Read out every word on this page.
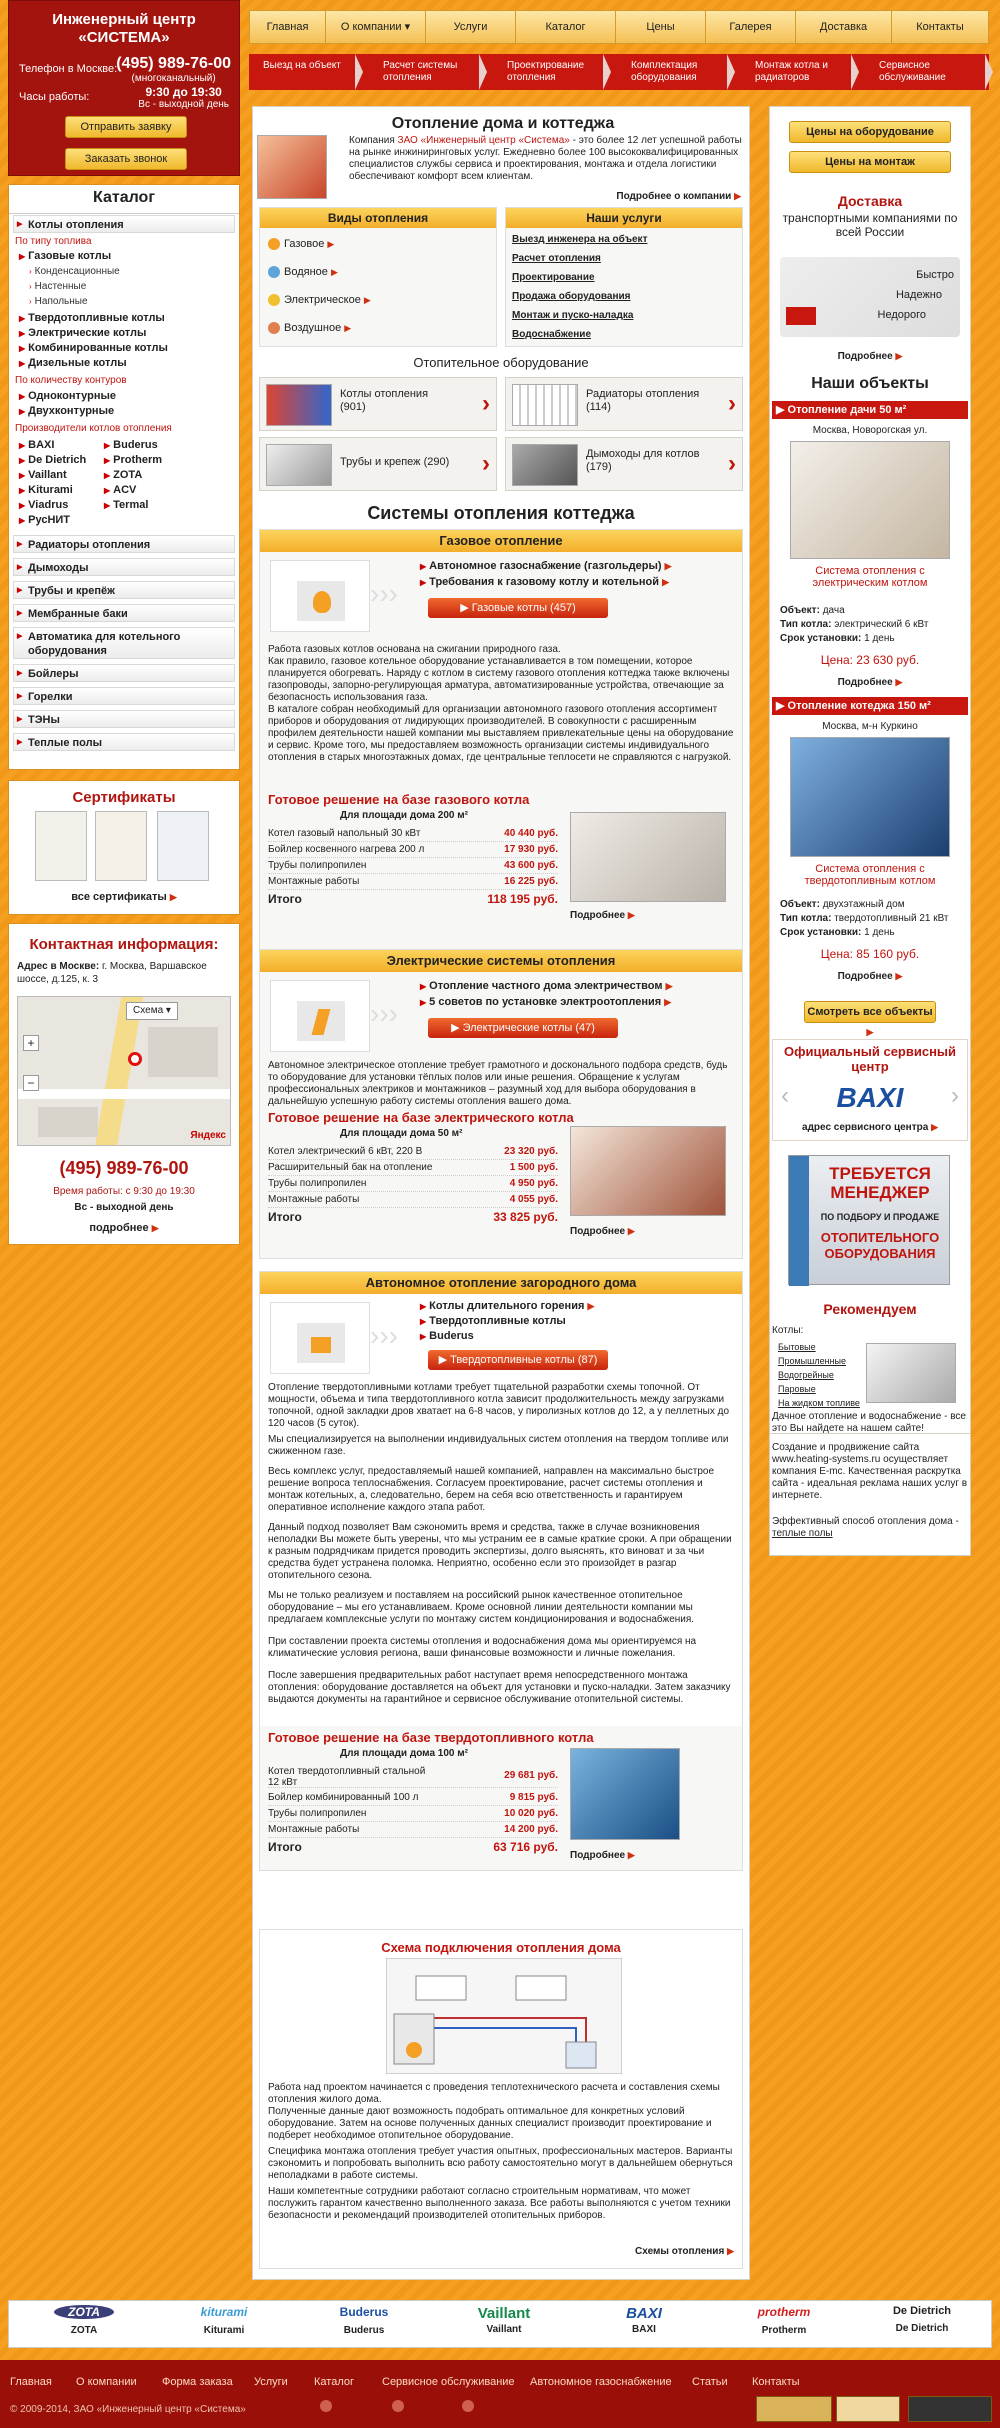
Инженерный центр
«СИСТЕМА»
Телефон в Москве: (495) 989-76-00
(многоканальный)
Часы работы:	9:30 до 19:30
Вс - выходной день
Отправить заявку
Заказать звонок
Каталог
▶ Котлы отопления
По типу топлива
▶ Газовые котлы
› Конденсационные
› Настенные
› Напольные
▶ Твердотопливные котлы
▶ Электрические котлы
▶ Комбинированные котлы
▶ Дизельные котлы
По количеству контуров
▶ Одноконтурные
▶ Двухконтурные
Производители котлов отопления
▶ BAXI
▶ De Dietrich
▶ Vaillant
▶ Kiturami
▶ Viadrus
▶ РусНИТ
▶ Buderus
▶ Protherm
▶ ZOTA
▶ ACV
▶ Termal
▶ Радиаторы отопления
▶ Дымоходы
▶ Трубы и крепёж
▶ Мембранные баки
▶ Автоматика для котельного оборудования
▶ Бойлеры
▶ Горелки
▶ ТЭНы
▶ Теплые полы
Сертификаты
все сертификаты ▶
Контактная информация:
Адрес в Москве: г. Москва, Варшавское шоссе, д.125, к. 3
Схема ▾
+
−
Яндекс
(495) 989-76-00
Время работы: с 9:30 до 19:30
Вс - выходной день
подробнее ▶
Главная	О компании ▾	Услуги	Каталог	Цены	Галерея	Доставка	Контакты
Выезд на объект	Расчет системы отопления
Проектирование отопления
Комплектация оборудования
Монтаж котла и радиаторов
Сервисное обслуживание
Отопление дома и коттеджа
Компания ЗАО «Инженерный центр «Система» - это более 12 лет успешной работы на рынке инжиниринговых услуг. Ежедневно более 100 высококвалифицированных специалистов службы сервиса и проектирования, монтажа и отдела логистики обеспечивают комфорт всем клиентам.
Подробнее о компании ▶
Виды отопления
Газовое ▶
Водяное ▶
Электрическое ▶
Воздушное ▶
Наши услуги
Выезд инженера на объект
Расчет отопления
Проектирование
Продажа оборудования
Монтаж и пуско-наладка
Водоснабжение
Отопительное оборудование
Котлы отопления
(901)	›	Радиаторы отопления
(114)	›
Трубы и крепеж (290) ›	Дымоходы для котлов
(179)	›
Системы отопления коттеджа
Газовое отопление
›››
▶ Автономное газоснабжение (газгольдеры) ▶
▶ Требования к газовому котлу и котельной ▶
▶ Газовые котлы (457)
Работа газовых котлов основана на сжигании природного газа.
Как правило, газовое котельное оборудование устанавливается в том помещении, которое планируется обогревать. Наряду с котлом в систему газового отопления коттеджа также включены газопроводы, запорно-регулирующая арматура, автоматизированные устройства, отвечающие за безопасность использования газа.
В каталоге собран необходимый для организации автономного газового отопления ассортимент приборов и оборудования от лидирующих производителей. В совокупности с расширенным профилем деятельности нашей компании мы выставляем привлекательные цены на оборудование и сервис. Кроме того, мы предоставляем возможность организации системы индивидуального отопления в старых многоэтажных домах, где центральные теплосети не справляются с нагрузкой.
Готовое решение на базе газового котла
Для площади дома 200 м²
Котел газовый напольный 30 кВт	40 440 руб.
Бойлер косвенного нагрева 200 л	17 930 руб.
Трубы полипропилен	43 600 руб.
Монтажные работы	16 225 руб.
Итого	118 195 руб.
Подробнее ▶
Электрические системы отопления
›››
▶ Отопление частного дома электричеством ▶
▶ 5 советов по установке электроотопления ▶
▶ Электрические котлы (47)
Автономное электрическое отопление требует грамотного и досконального подбора средств, будь то оборудование для установки тёплых полов или иные решения. Обращение к услугам профессиональных электриков и монтажников – разумный ход для выбора оборудования в дальнейшую успешную работу системы отопления вашего дома.
Готовое решение на базе электрического котла
Для площади дома 50 м²
Котел электрический 6 кВт, 220 В	23 320 руб.
Расширительный бак на отопление	1 500 руб.
Трубы полипропилен	4 950 руб.
Монтажные работы	4 055 руб.
Итого	33 825 руб.
Подробнее ▶
Автономное отопление загородного дома
›››
▶ Котлы длительного горения ▶
▶ Твердотопливные котлы
▶ Buderus
▶ Твердотопливные котлы (87)
Отопление твердотопливными котлами требует тщательной разработки схемы топочной. От мощности, объема и типа твердотопливного котла зависит продолжительность между загрузками топочной, одной закладки дров хватает на 6-8 часов, у пиролизных котлов до 12, а у пеллетных до 120 часов (5 суток).
Мы специализируется на выполнении индивидуальных систем отопления на твердом топливе или сжиженном газе.
Весь комплекс услуг, предоставляемый нашей компанией, направлен на максимально быстрое решение вопроса теплоснабжения. Согласуем проектирование, расчет системы отопления и монтаж котельных, а, следовательно, берем на себя всю ответственность и гарантируем оперативное исполнение каждого этапа работ.
Данный подход позволяет Вам сэкономить время и средства, также в случае возникновения неполадки Вы можете быть уверены, что мы устраним ее в самые краткие сроки. А при обращении к разным подрядчикам придется проводить экспертизы, долго выяснять, кто виноват и за чьи средства будет устранена поломка. Неприятно, особенно если это произойдет в разгар отопительного сезона.
Мы не только реализуем и поставляем на российский рынок качественное отопительное оборудование – мы его устанавливаем. Кроме основной линии деятельности компании мы предлагаем комплексные услуги по монтажу систем кондиционирования и водоснабжения.
При составлении проекта системы отопления и водоснабжения дома мы ориентируемся на климатические условия региона, ваши финансовые возможности и личные пожелания.
После завершения предварительных работ наступает время непосредственного монтажа отопления: оборудование доставляется на объект для установки и пуско-наладки. Затем заказчику выдаются документы на гарантийное и сервисное обслуживание отопительной системы.
Готовое решение на базе твердотопливного котла
Для площади дома 100 м²
Котел твердотопливный стальной 12 кВт
29 681 руб.
Бойлер комбинированный 100 л	9 815 руб.
Трубы полипропилен	10 020 руб.
Монтажные работы	14 200 руб.
Итого	63 716 руб.
Подробнее ▶
Схема подключения отопления дома
Работа над проектом начинается с проведения теплотехнического расчета и составления схемы отопления жилого дома.
Полученные данные дают возможность подобрать оптимальное для конкретных условий оборудование. Затем на основе полученных данных специалист производит проектирование и подберет необходимое отопительное оборудование.
Специфика монтажа отопления требует участия опытных, профессиональных мастеров. Варианты сэкономить и попробовать выполнить всю работу самостоятельно могут в дальнейшем обернуться неполадками в работе системы.
Наши компетентные сотрудники работают согласно строительным нормативам, что может послужить гарантом качественно выполненного заказа. Все работы выполняются с учетом техники безопасности и рекомендаций производителей отопительных приборов.
Схемы отопления ▶
Цены на оборудование
Цены на монтаж
Доставка
транспортными компаниями по всей России
Быстро
Надежно
Недорого
Подробнее ▶
Наши объекты
▶ Отопление дачи 50 м²
Москва, Новорогская ул.
Система отопления с электрическим котлом
Объект: дача
Тип котла: электрический 6 кВт
Срок установки: 1 день
Цена: 23 630 руб.
Подробнее ▶
▶ Отопление котеджа 150 м²
Москва, м-н Куркино
Система отопления с твердотопливным котлом
Объект: двухэтажный дом
Тип котла: твердотопливный 21 кВт
Срок установки: 1 день
Цена: 85 160 руб.
Подробнее ▶
Смотреть все объекты ▶
Официальный сервисный центр
‹	BAXI	›
адрес сервисного центра ▶
ТРЕБУЕТСЯ
МЕНЕДЖЕР
ПО ПОДБОРУ И ПРОДАЖЕ
ОТОПИТЕЛЬНОГО
ОБОРУДОВАНИЯ
Рекомендуем
Котлы:
Бытовые
Промышленные
Водогрейные
Паровые
На жидком топливе
Дачное отопление и водоснабжение - все это Вы найдете на нашем сайте!
Создание и продвижение сайта www.heating-systems.ru осуществляет компания E-mc. Качественная раскрутка сайта - идеальная реклама наших услуг в интернете.
Эффективный способ отопления дома - теплые полы
ZOTA
ZOTA
kiturami
Kiturami
Buderus
Buderus
Vaillant
Vaillant
BAXI
BAXI
protherm
Protherm
De Dietrich
De Dietrich
Главная О компании Форма заказа Услуги Каталог	Сервисное обслуживание Автономное газоснабжение Статьи Контакты
© 2009-2014, ЗАО «Инженерный центр «Система»
